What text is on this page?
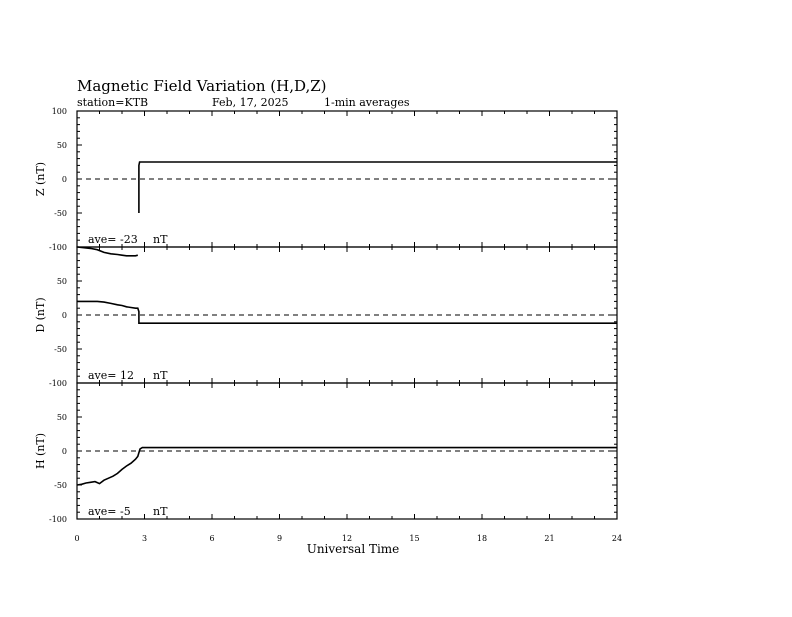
Magnetic Field Variation (H,D,Z)
station=KTB	Feb, 17, 2025	1-min averages
100
50
0
-50
-100
Z (nT)
ave= -23 nT
50
0
-50
-100
D (nT)
ave= 12 nT
50
0
-50
-100
H (nT)
ave= -5 nT
0	3	6	9	12	15	18	21	24
Universal Time
